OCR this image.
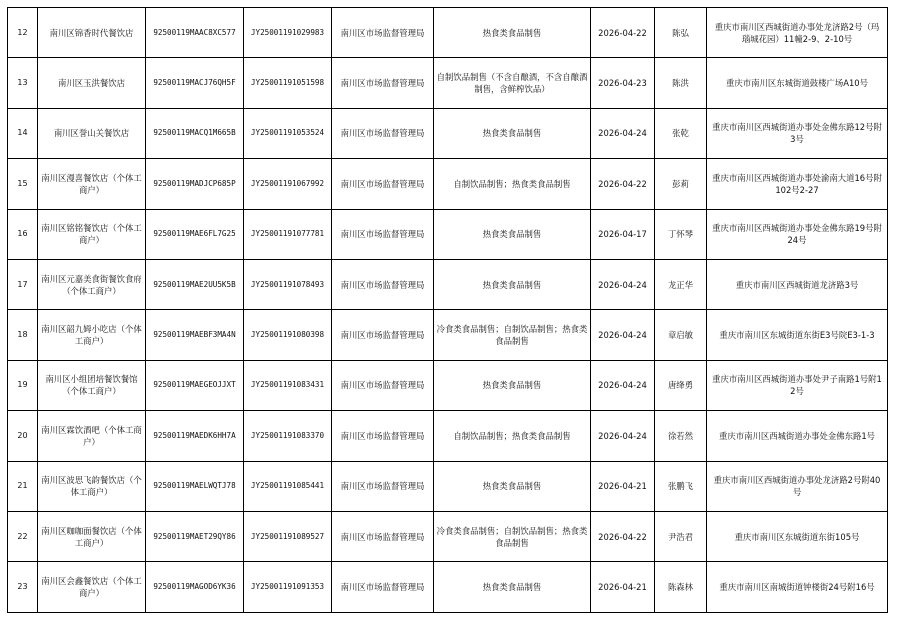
12	南川区锦香时代餐饮店	92500119MAAC8XC577	JY25001191029983	南川区市场监督管理局	热食类食品制售	2026-04-22	陈弘	重庆市南川区西城街道办事处龙济路2号（玛瑙城花园）11幢2-9、2-10号
13	南川区玉洪餐饮店	92500119MACJ76QH5F	JY25001191051598	南川区市场监督管理局	自制饮品制售（不含自酿酒，不含自酿酒制售，含鲜榨饮品）	2026-04-23	陈洪	重庆市南川区东城街道鼓楼广场A10号
14	南川区誉山关餐饮店	92500119MACQ1M665B	JY25001191053524	南川区市场监督管理局	热食类食品制售	2026-04-24	张乾	重庆市南川区西城街道办事处金佛东路12号附3号
15	南川区漫喜餐饮店（个体工商户）	92500119MADJCP685P	JY25001191067992	南川区市场监督管理局	自制饮品制售；热食类食品制售	2026-04-22	彭莉	重庆市南川区西城街道办事处渝南大道16号附102号2-27
16	南川区铭铭餐饮店（个体工商户）	92500119MAE6FL7G25	JY25001191077781	南川区市场监督管理局	热食类食品制售	2026-04-17	丁怀琴	重庆市南川区西城街道办事处金佛东路19号附24号
17	南川区元嘉美食街餐饮食府（个体工商户）	92500119MAE2UU5K5B	JY25001191078493	南川区市场监督管理局	热食类食品制售	2026-04-24	龙正华	重庆市南川区西城街道龙济路3号
18	南川区韶九姆小吃店（个体工商户）	92500119MAEBF3MA4N	JY25001191080398	南川区市场监督管理局	冷食类食品制售；自制饮品制售；热食类食品制售	2026-04-24	章启敏	重庆市南川区东城街道东街E3号院E3-1-3
19	南川区小组团培餐饮餐馆（个体工商户）	92500119MAEGEOJJXT	JY25001191083431	南川区市场监督管理局	热食类食品制售	2026-04-24	唐绛勇	重庆市南川区西城街道办事处尹子南路1号附12号
20	南川区霖饮酒吧（个体工商户）	92500119MAEDK6HH7A	JY25001191083370	南川区市场监督管理局	自制饮品制售；热食类食品制售	2026-04-24	徐若然	重庆市南川区西城街道办事处金佛东路1号
21	南川区波思飞韵餐饮店（个体工商户）	92500119MAELWQTJ78	JY25001191085441	南川区市场监督管理局	热食类食品制售	2026-04-21	张鹏飞	重庆市南川区西城街道办事处龙济路2号附40号
22	南川区咖咖面餐饮店（个体工商户）	92500119MAET29QY86	JY25001191089527	南川区市场监督管理局	冷食类食品制售；自制饮品制售；热食类食品制售	2026-04-22	尹浩君	重庆市南川区东城街道东街105号
23	南川区会鑫餐饮店（个体工商户）	92500119MAGOD6YK36	JY25001191091353	南川区市场监督管理局	热食类食品制售	2026-04-21	陈森林	重庆市南川区南城街道钟楼街24号附16号
